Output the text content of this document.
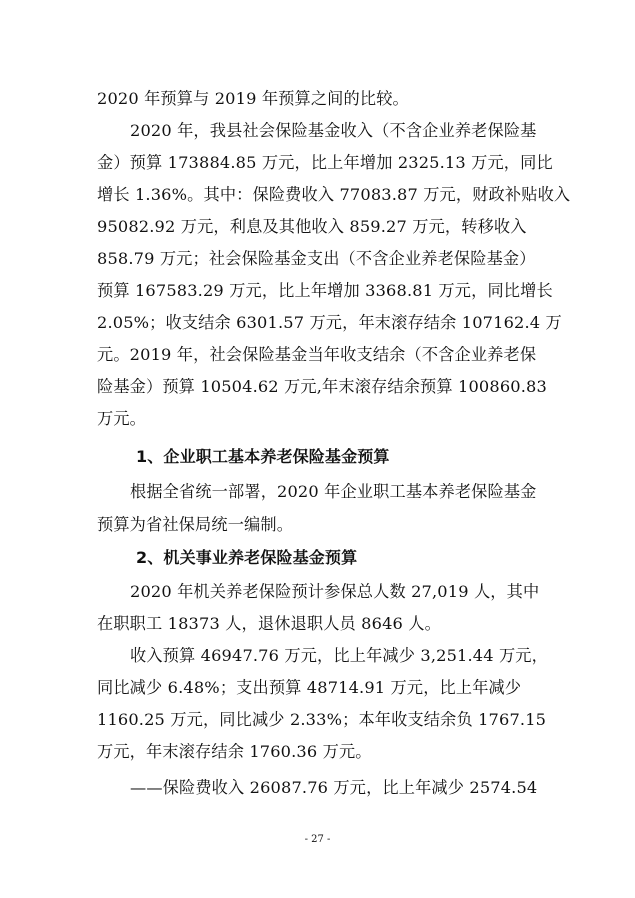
2020 年预算与 2019 年预算之间的比较。
2020 年，我县社会保险基金收入（不含企业养老保险基
金）预算 173884.85 万元，比上年增加 2325.13 万元，同比
增长 1.36%。其中：保险费收入 77083.87 万元，财政补贴收入
95082.92 万元，利息及其他收入 859.27 万元，转移收入
858.79 万元；社会保险基金支出（不含企业养老保险基金）
预算 167583.29 万元，比上年增加 3368.81 万元，同比增长
2.05%；收支结余 6301.57 万元，年末滚存结余 107162.4 万
元。2019 年，社会保险基金当年收支结余（不含企业养老保
险基金）预算 10504.62 万元,年末滚存结余预算 100860.83
万元。
1、企业职工基本养老保险基金预算
根据全省统一部署，2020 年企业职工基本养老保险基金
预算为省社保局统一编制。
2、机关事业养老保险基金预算
2020 年机关养老保险预计参保总人数 27,019 人，其中
在职职工 18373 人，退休退职人员 8646 人。
收入预算 46947.76 万元，比上年减少 3,251.44 万元，
同比减少 6.48%；支出预算 48714.91 万元，比上年减少
1160.25 万元，同比减少 2.33%；本年收支结余负 1767.15
万元，年末滚存结余 1760.36 万元。
——保险费收入 26087.76 万元，比上年减少 2574.54
- 27 -
